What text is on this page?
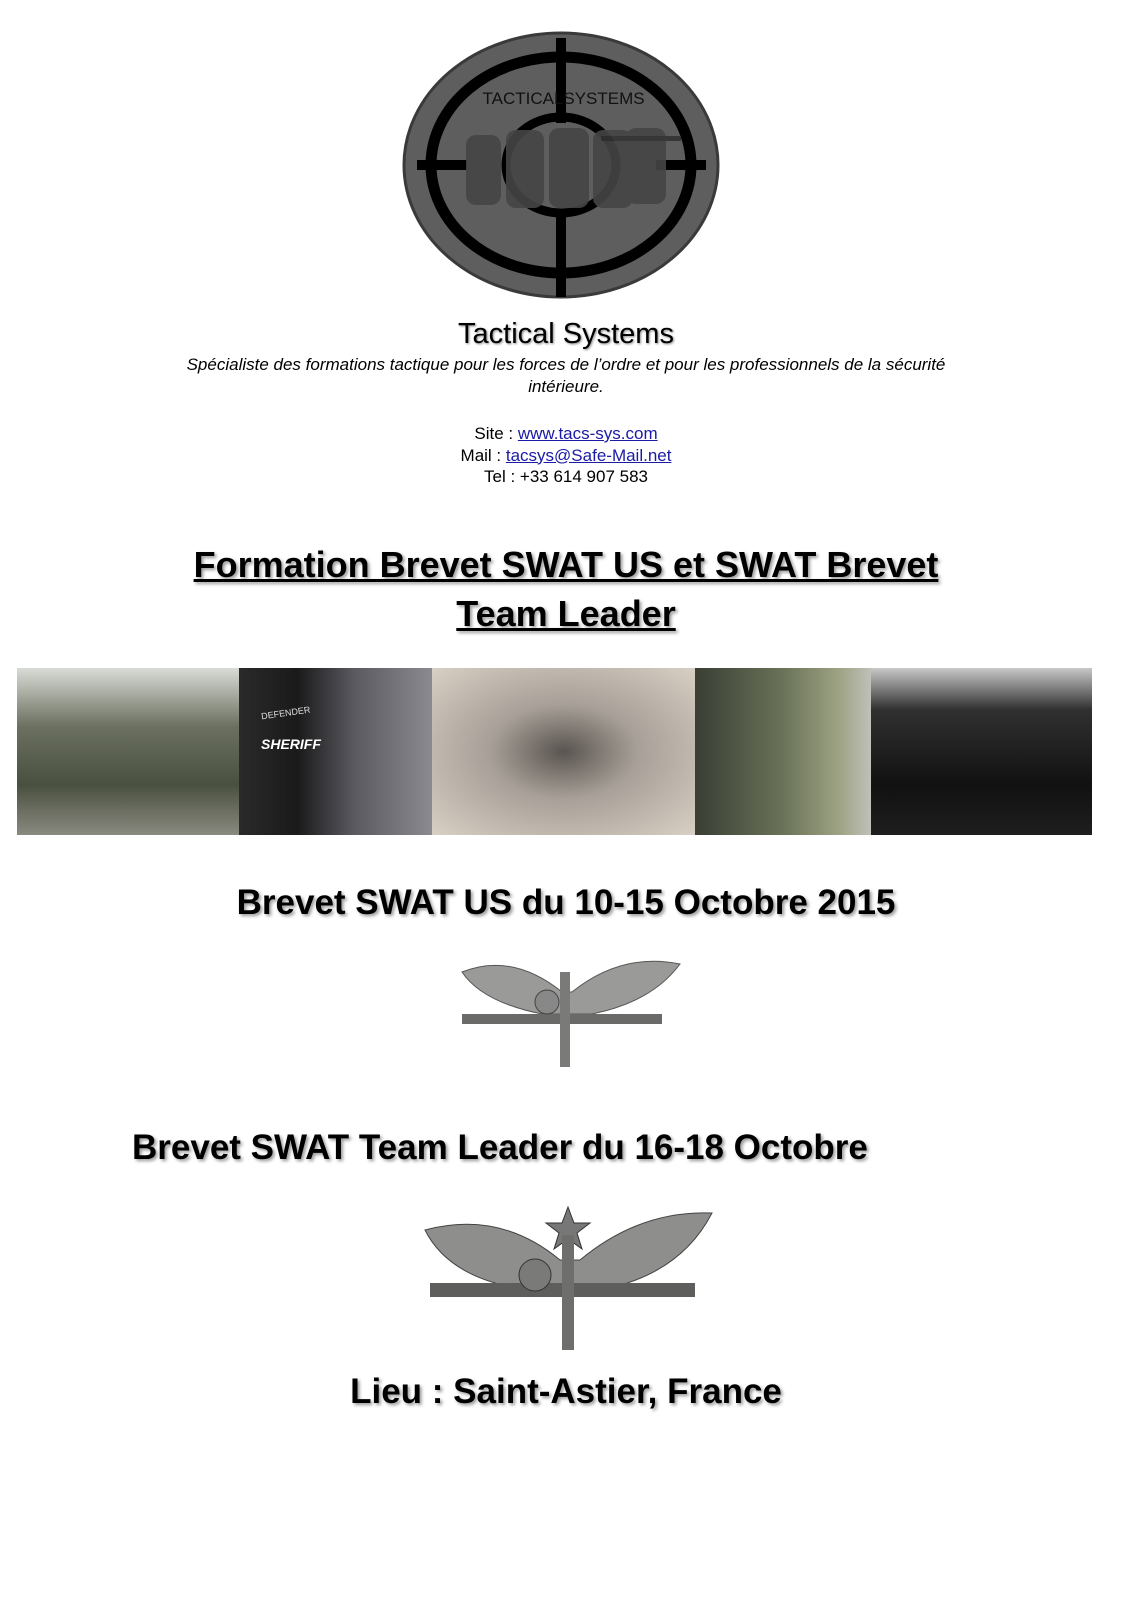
TACTICAL SYSTEMS
Tactical Systems
Spécialiste des formations tactique pour les forces de l’ordre et pour les professionnels de la sécurité
intérieure.
Site : www.tacs-sys.com
Mail : tacsys@Safe-Mail.net
Tel : +33 614 907 583
Formation Brevet SWAT US et SWAT Brevet
Team Leader
DEFENDER
SHERIFF
Brevet SWAT US du 10-15 Octobre 2015
Brevet SWAT Team Leader du 16-18 Octobre
Lieu : Saint-Astier, France
